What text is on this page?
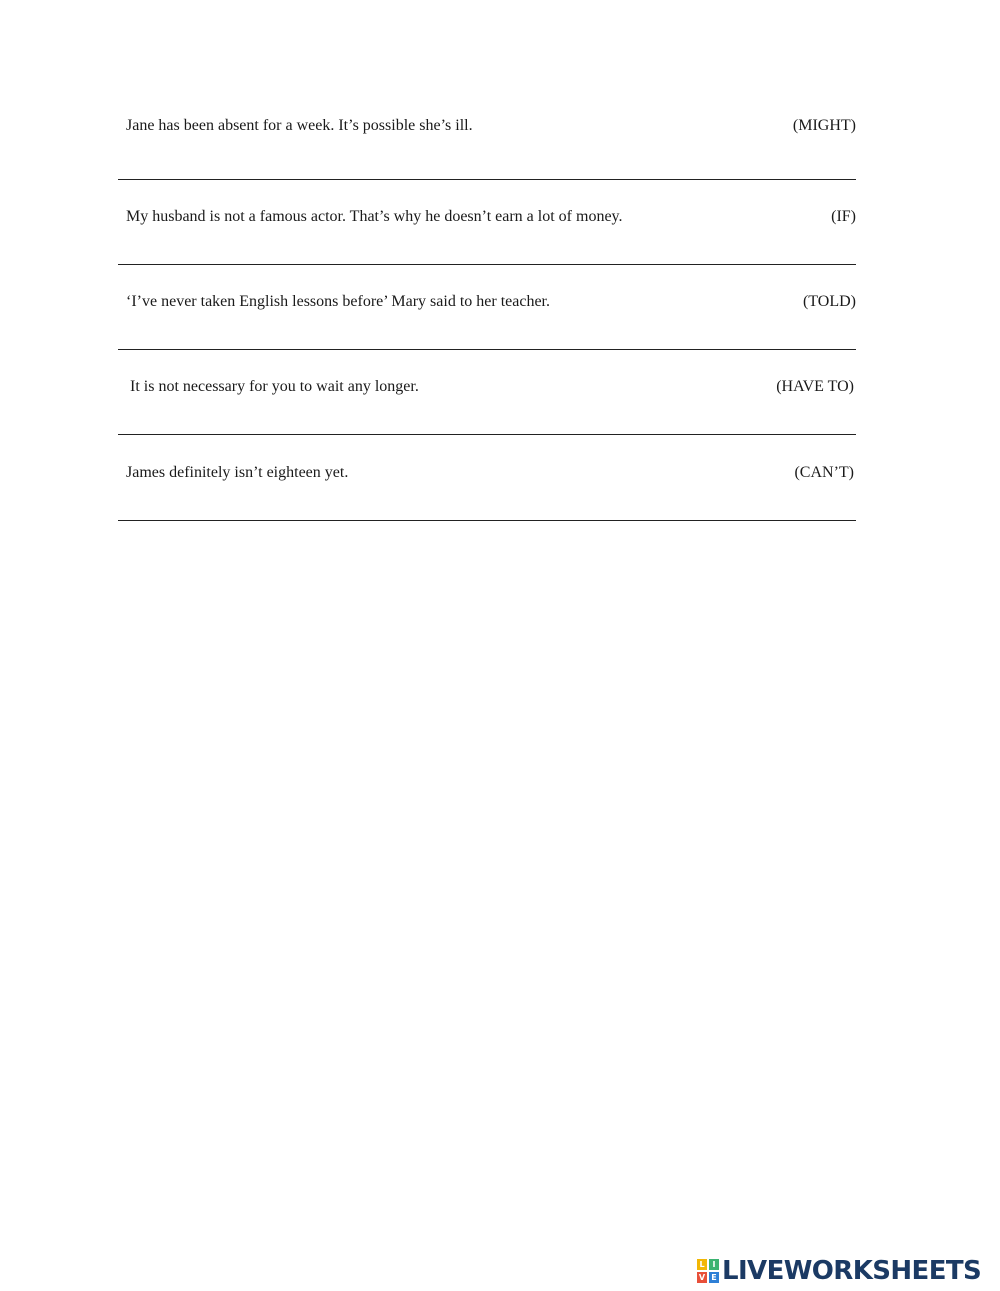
Jane has been absent for a week. It’s possible she’s ill.	(MIGHT)
My husband is not a famous actor. That’s why he doesn’t earn a lot of money.	(IF)
‘I’ve never taken English lessons before’ Mary said to her teacher.	(TOLD)
It is not necessary for you to wait any longer.	(HAVE TO)
James definitely isn’t eighteen yet.	(CAN’T)
L I
V E LIVEWORKSHEETS
